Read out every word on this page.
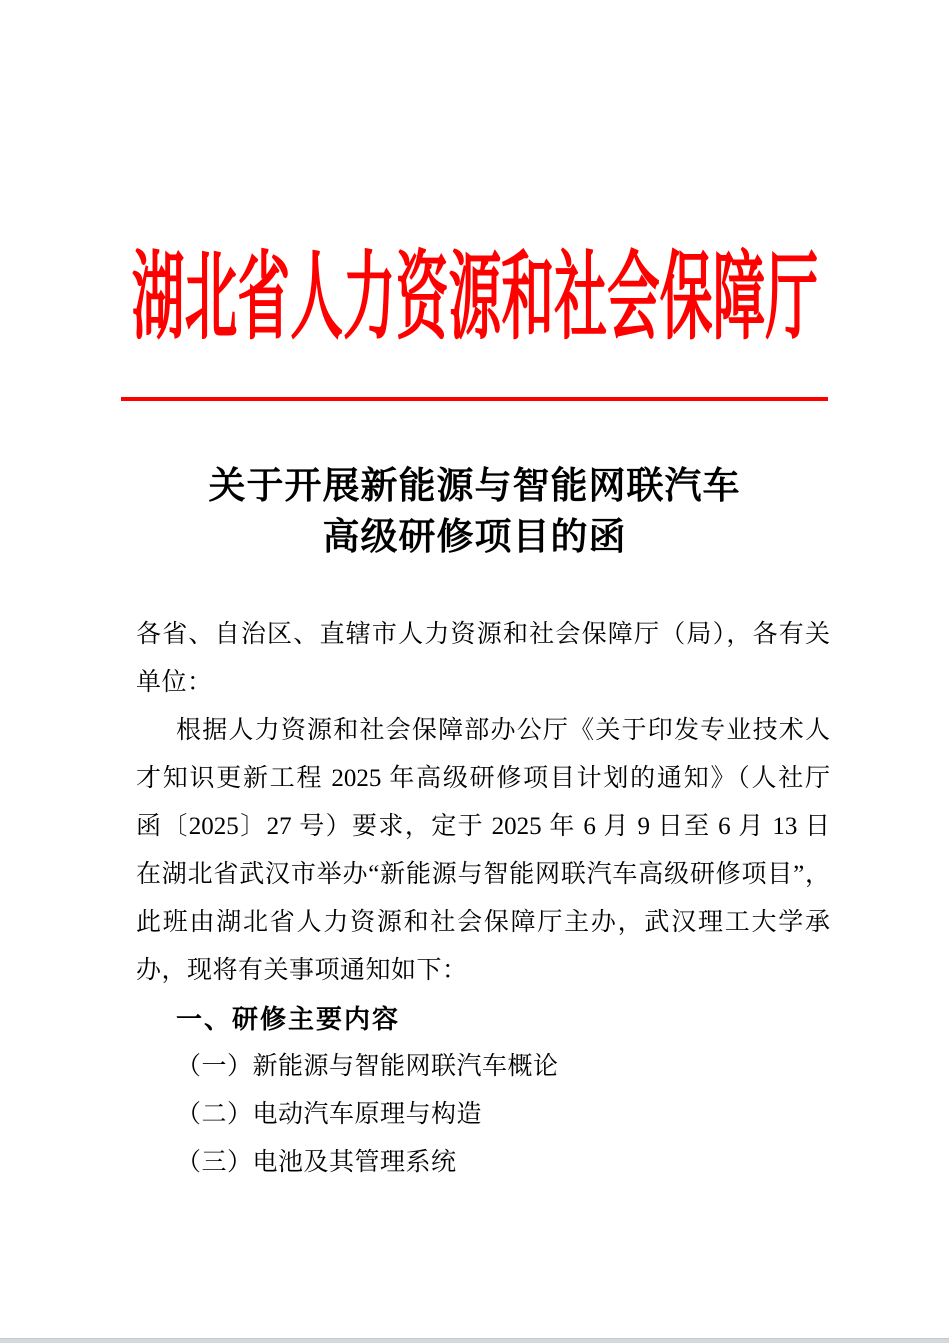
湖北省人力资源和社会保障厅
关于开展新能源与智能网联汽车
高级研修项目的函
各省、自治区、直辖市人力资源和社会保障厅（局），各有关
单位：
根据人力资源和社会保障部办公厅《关于印发专业技术人
才知识更新工程 2025 年高级研修项目计划的通知》（人社厅
函〔2025〕27 号）要求，定于 2025 年 6 月 9 日至 6 月 13 日
在湖北省武汉市举办“新能源与智能网联汽车高级研修项目”，
此班由湖北省人力资源和社会保障厅主办，武汉理工大学承
办，现将有关事项通知如下：
一、研修主要内容
（一）新能源与智能网联汽车概论
（二）电动汽车原理与构造
（三）电池及其管理系统
